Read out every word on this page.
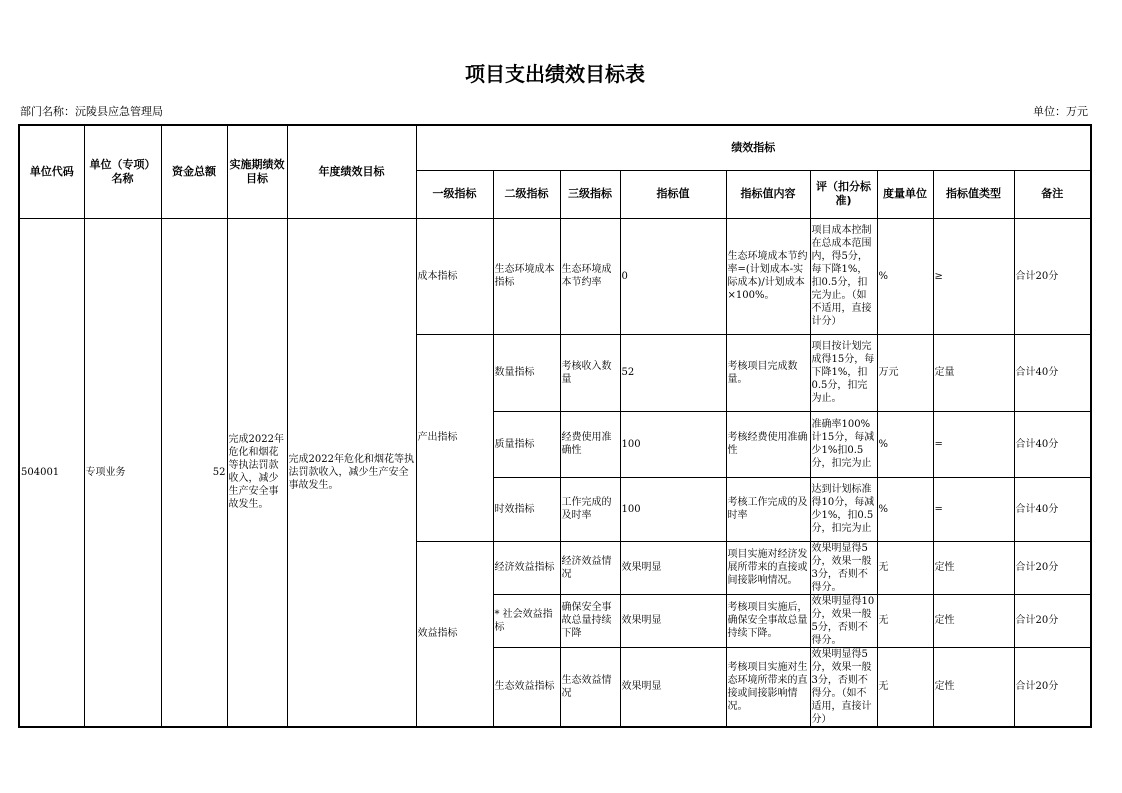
项目支出绩效目标表
部门名称：沅陵县应急管理局	单位：万元
单位代码	单位（专项）名称	资金总额	实施期绩效目标	年度绩效目标	绩效指标								
					一级指标	二级指标	三级指标	指标值	指标值内容	评（扣分标准)	度量单位	指标值类型	备注
504001	专项业务	52	完成2022年危化和烟花等执法罚款收入，减少生产安全事故发生。	完成2022年危化和烟花等执法罚款收入，减少生产安全事故发生。	成本指标	生态环境成本指标	生态环境成本节约率	0	生态环境成本节约率=(计划成本-实际成本)/计划成本×100%。	项目成本控制在总成本范围内，得5分，每下降1%，扣0.5分，扣完为止。（如不适用，直接计分）	%	≥	合计20分
					产出指标	数量指标	考核收入数量	52	考核项目完成数量。	项目按计划完成得15分，每下降1%，扣0.5分，扣完为止。	万元	定量	合计40分
						质量指标	经费使用准确性	100	考核经费使用准确性	准确率100%计15分，每减少1%扣0.5分，扣完为止	%	=	合计40分
						时效指标	工作完成的及时率	100	考核工作完成的及时率	达到计划标准得10分，每减少1%，扣0.5分，扣完为止	%	=	合计40分
					效益指标	经济效益指标	经济效益情况	效果明显	项目实施对经济发展所带来的直接或间接影响情况。	效果明显得5分，效果一般3分，否则不得分。	无	定性	合计20分
						* 社会效益指标	确保安全事故总量持续下降	效果明显	考核项目实施后，确保安全事故总量持续下降。	效果明显得10分，效果一般5分，否则不得分。	无	定性	合计20分
						生态效益指标	生态效益情况	效果明显	考核项目实施对生态环境所带来的直接或间接影响情况。	效果明显得5分，效果一般3分，否则不得分。（如不适用，直接计分）	无	定性	合计20分
